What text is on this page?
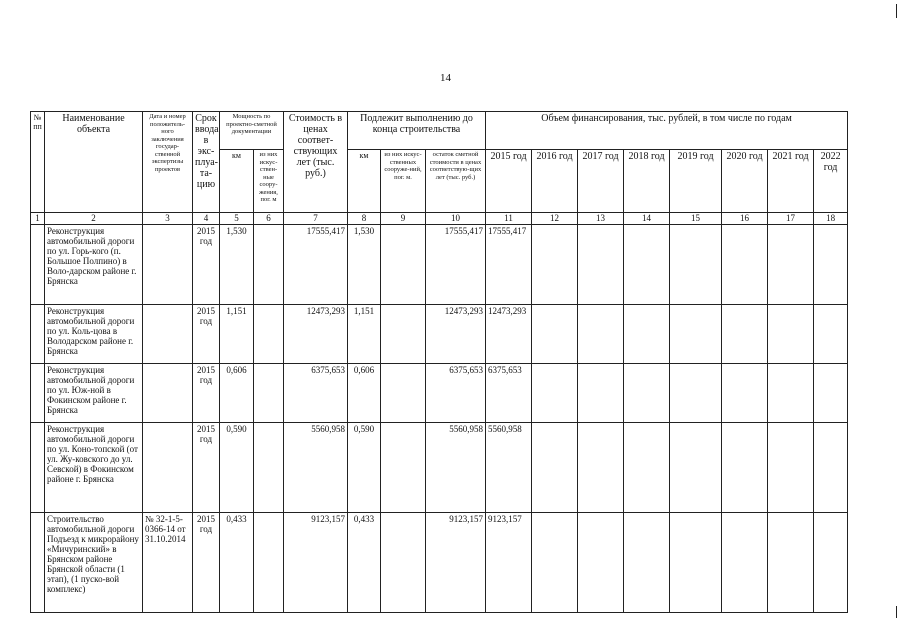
14
№ пп	Наименование объекта	Дата и номер положитель-ного заключения государ-ственной экспертизы проектов	Срок ввода в экс-плуа-та-цию	Мощность по проектно-сметной документации		Стоимость в ценах соответ-ствующих лет (тыс. руб.)	Подлежит выполнению до конца строительства			Объем финансирования, тыс. рублей, в том числе по годам							
				км	из них искус-ствен-ные соору-жения, пог. м		км	из них искус-ственных сооруже-ний, пог. м.	остаток сметной стоимости в ценах соответствую-щих лет (тыс. руб.)	2015 год	2016 год	2017 год	2018 год	2019 год	2020 год	2021 год	2022 год
1	2	3	4	5	6	7	8	9	10	11	12	13	14	15	16	17	18
	Реконструкция автомобильной дороги по ул. Горь-кого (п. Большое Полпино) в Воло-дарском районе г. Брянска		2015 год	1,530		17555,417	1,530		17555,417	17555,417							
	Реконструкция автомобильной дороги по ул. Коль-цова в Володарском районе г. Брянска		2015 год	1,151		12473,293	1,151		12473,293	12473,293							
	Реконструкция автомобильной дороги по ул. Юж-ной в Фокинском районе г. Брянска		2015 год	0,606		6375,653	0,606		6375,653	6375,653							
	Реконструкция автомобильной дороги по ул. Коно-топской (от ул. Жу-ковского до ул. Севской) в Фокинском районе г. Брянска		2015 год	0,590		5560,958	0,590		5560,958	5560,958							
	Строительство автомобильной дороги Подъезд к микрорайону «Мичуринский» в Брянском районе Брянской области (1 этап), (1 пуско-вой комплекс)	№ 32-1-5-0366-14 от 31.10.2014	2015 год	0,433		9123,157	0,433		9123,157	9123,157							
